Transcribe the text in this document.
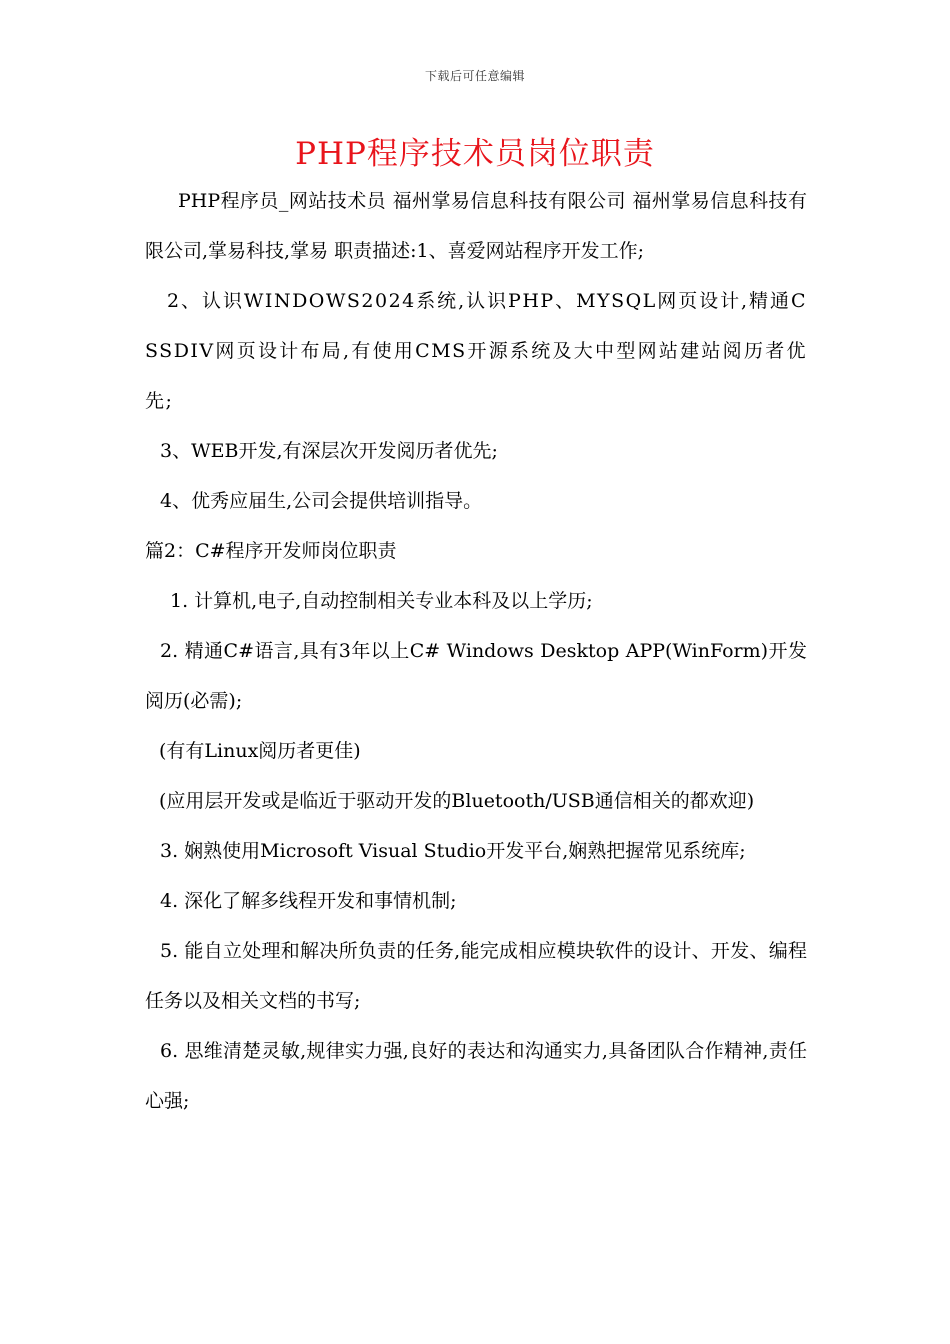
下载后可任意编辑
PHP程序技术员岗位职责

PHP程序员_网站技术员 福州掌易信息科技有限公司 福州掌易信息科技有限公司,掌易科技,掌易 职责描述:1、喜爱网站程序开发工作;

2、认识WINDOWS2024系统,认识PHP、MYSQL网页设计,精通CSSDIV网页设计布局,有使用CMS开源系统及大中型网站建站阅历者优先;

3、WEB开发,有深层次开发阅历者优先;

4、优秀应届生,公司会提供培训指导。

篇2：C#程序开发师岗位职责

1. 计算机,电子,自动控制相关专业本科及以上学历;

2. 精通C#语言,具有3年以上C# Windows Desktop APP(WinForm)开发阅历(必需);

(有有Linux阅历者更佳)

(应用层开发或是临近于驱动开发的Bluetooth/USB通信相关的都欢迎)

3. 娴熟使用Microsoft Visual Studio开发平台,娴熟把握常见系统库;

4. 深化了解多线程开发和事情机制;

5. 能自立处理和解决所负责的任务,能完成相应模块软件的设计、开发、编程任务以及相关文档的书写;

6. 思维清楚灵敏,规律实力强,良好的表达和沟通实力,具备团队合作精神,责任心强;
